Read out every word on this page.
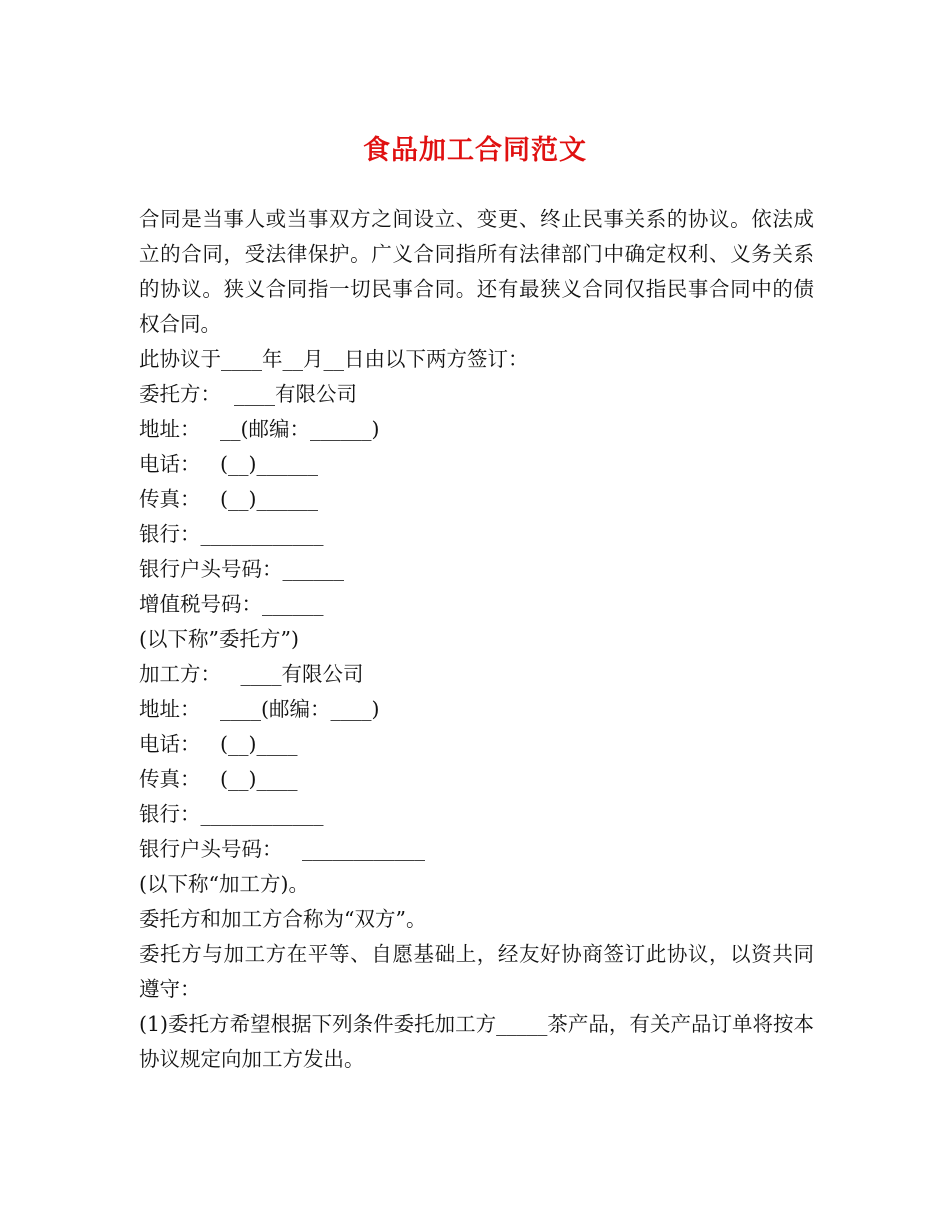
食品加工合同范文

合同是当事人或当事双方之间设立、变更、终止民事关系的协议。依法成立的合同，受法律保护。广义合同指所有法律部门中确定权利、义务关系的协议。狭义合同指一切民事合同。还有最狭义合同仅指民事合同中的债权合同。

此协议于____年__月__日由以下两方签订：

委托方：  ____有限公司

地址：   __(邮编：______)

电话：   (__)______

传真：   (__)______

银行：____________

银行户头号码：______

增值税号码：______

(以下称”委托方”)

加工方：   ____有限公司

地址：   ____(邮编：____)

电话：   (__)____

传真：   (__)____

银行：____________

银行户头号码：   ____________

(以下称“加工方)。

委托方和加工方合称为“双方”。

委托方与加工方在平等、自愿基础上，经友好协商签订此协议，以资共同遵守：

(1)委托方希望根据下列条件委托加工方_____茶产品，有关产品订单将按本协议规定向加工方发出。
